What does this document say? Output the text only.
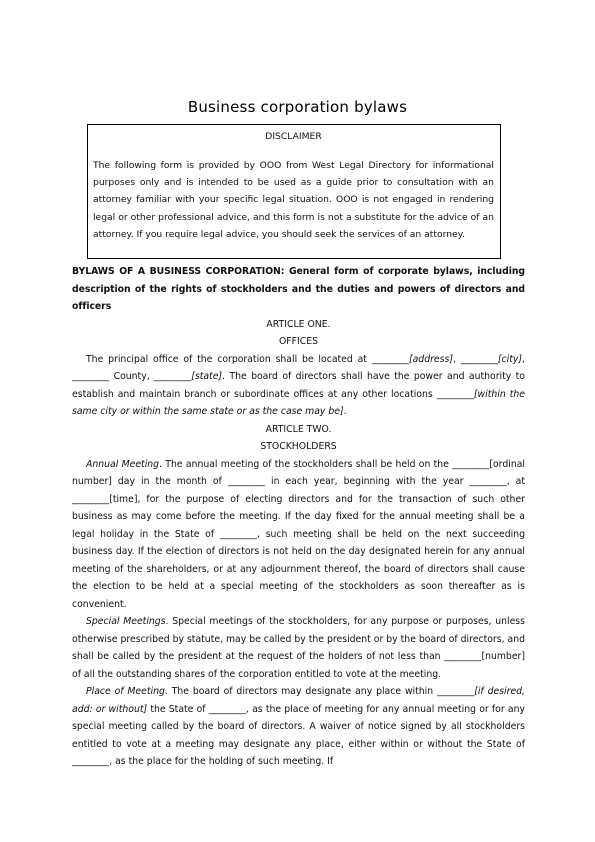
Business corporation bylaws
DISCLAIMER
The following form is provided by OOO from West Legal Directory for informational purposes only and is intended to be used as a guide prior to consultation with an attorney familiar with your specific legal situation. OOO is not engaged in rendering legal or other professional advice, and this form is not a substitute for the advice of an attorney. If you require legal advice, you should seek the services of an attorney.

BYLAWS OF A BUSINESS CORPORATION: General form of corporate bylaws, including description of the rights of stockholders and the duties and powers of directors and officers

ARTICLE ONE.

OFFICES

The principal office of the corporation shall be located at ________[address], ________[city], ________ County, ________[state]. The board of directors shall have the power and authority to establish and maintain branch or subordinate offices at any other locations ________[within the same city or within the same state or as the case may be].

ARTICLE TWO.

STOCKHOLDERS

Annual Meeting. The annual meeting of the stockholders shall be held on the ________[ordinal number] day in the month of ________ in each year, beginning with the year ________, at ________[time], for the purpose of electing directors and for the transaction of such other business as may come before the meeting. If the day fixed for the annual meeting shall be a legal holiday in the State of ________, such meeting shall be held on the next succeeding business day. If the election of directors is not held on the day designated herein for any annual meeting of the shareholders, or at any adjournment thereof, the board of directors shall cause the election to be held at a special meeting of the stockholders as soon thereafter as is convenient.

Special Meetings. Special meetings of the stockholders, for any purpose or purposes, unless otherwise prescribed by statute, may be called by the president or by the board of directors, and shall be called by the president at the request of the holders of not less than ________[number] of all the outstanding shares of the corporation entitled to vote at the meeting.

Place of Meeting. The board of directors may designate any place within ________[if desired, add: or without] the State of ________, as the place of meeting for any annual meeting or for any special meeting called by the board of directors. A waiver of notice signed by all stockholders entitled to vote at a meeting may designate any place, either within or without the State of ________, as the place for the holding of such meeting. If
